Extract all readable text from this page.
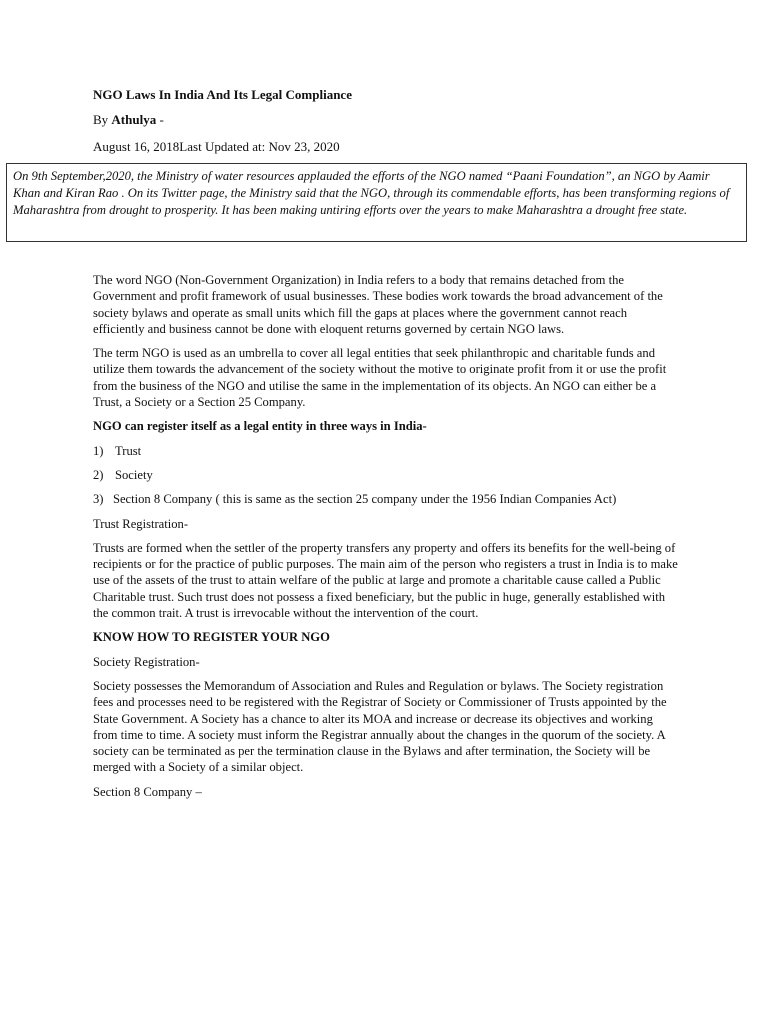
NGO Laws In India And Its Legal Compliance
By Athulya -
August 16, 2018Last Updated at: Nov 23, 2020
On 9th September,2020, the Ministry of water resources applauded the efforts of the NGO named “Paani Foundation”, an NGO by Aamir Khan and Kiran Rao . On its Twitter page, the Ministry said that the NGO, through its commendable efforts, has been transforming regions of Maharashtra from drought to prosperity. It has been making untiring efforts over the years to make Maharashtra a drought free state.

The word NGO (Non-Government Organization) in India refers to a body that remains detached from the Government and profit framework of usual businesses. These bodies work towards the broad advancement of the society bylaws and operate as small units which fill the gaps at places where the government cannot reach efficiently and business cannot be done with eloquent returns governed by certain NGO laws.

The term NGO is used as an umbrella to cover all legal entities that seek philanthropic and charitable funds and utilize them towards the advancement of the society without the motive to originate profit from it or use the profit from the business of the NGO and utilise the same in the implementation of its objects. An NGO can either be a Trust, a Society or a Section 25 Company.

NGO can register itself as a legal entity in three ways in India-

1) Trust

2) Society

3) Section 8 Company ( this is same as the section 25 company under the 1956 Indian Companies Act)

Trust Registration-

Trusts are formed when the settler of the property transfers any property and offers its benefits for the well-being of recipients or for the practice of public purposes. The main aim of the person who registers a trust in India is to make use of the assets of the trust to attain welfare of the public at large and promote a charitable cause called a Public Charitable trust. Such trust does not possess a fixed beneficiary, but the public in huge, generally established with the common trait. A trust is irrevocable without the intervention of the court.

KNOW HOW TO REGISTER YOUR NGO

Society Registration-

Society possesses the Memorandum of Association and Rules and Regulation or bylaws. The Society registration fees and processes need to be registered with the Registrar of Society or Commissioner of Trusts appointed by the State Government. A Society has a chance to alter its MOA and increase or decrease its objectives and working from time to time. A society must inform the Registrar annually about the changes in the quorum of the society. A society can be terminated as per the termination clause in the Bylaws and after termination, the Society will be merged with a Society of a similar object.

Section 8 Company –
